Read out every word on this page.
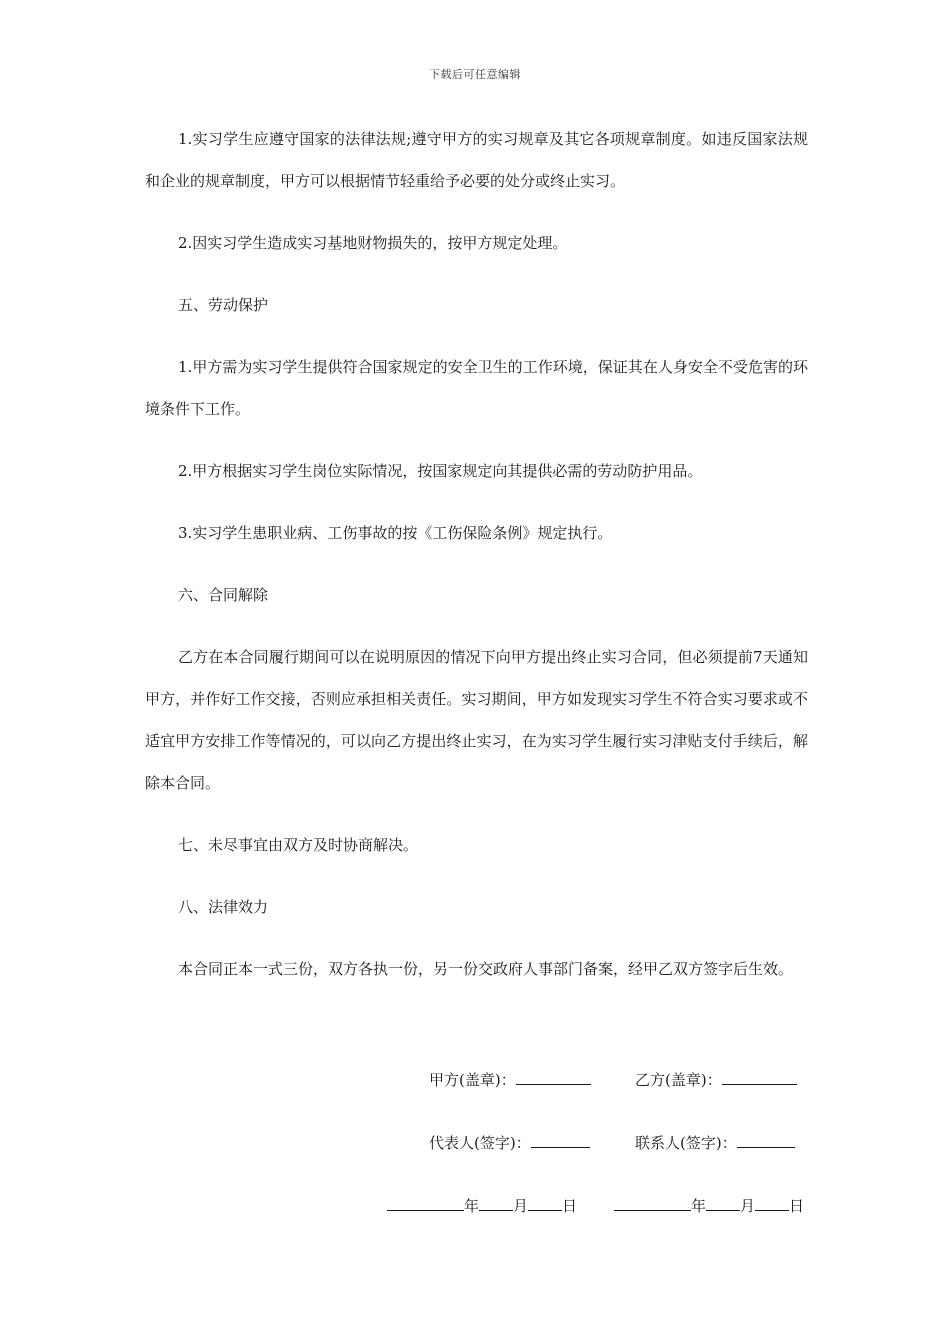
下载后可任意编辑

1.实习学生应遵守国家的法律法规;遵守甲方的实习规章及其它各项规章制度。如违反国家法规和企业的规章制度，甲方可以根据情节轻重给予必要的处分或终止实习。

2.因实习学生造成实习基地财物损失的，按甲方规定处理。

五、劳动保护

1.甲方需为实习学生提供符合国家规定的安全卫生的工作环境，保证其在人身安全不受危害的环境条件下工作。

2.甲方根据实习学生岗位实际情况，按国家规定向其提供必需的劳动防护用品。

3.实习学生患职业病、工伤事故的按《工伤保险条例》规定执行。

六、合同解除

乙方在本合同履行期间可以在说明原因的情况下向甲方提出终止实习合同，但必须提前7天通知甲方，并作好工作交接，否则应承担相关责任。实习期间，甲方如发现实习学生不符合实习要求或不适宜甲方安排工作等情况的，可以向乙方提出终止实习，在为实习学生履行实习津贴支付手续后，解除本合同。

七、未尽事宜由双方及时协商解决。

八、法律效力

本合同正本一式三份，双方各执一份，另一份交政府人事部门备案，经甲乙双方签字后生效。

甲方(盖章)：	乙方(盖章)：
代表人(签字)：	联系人(签字)：
年 月 日	年 月 日
